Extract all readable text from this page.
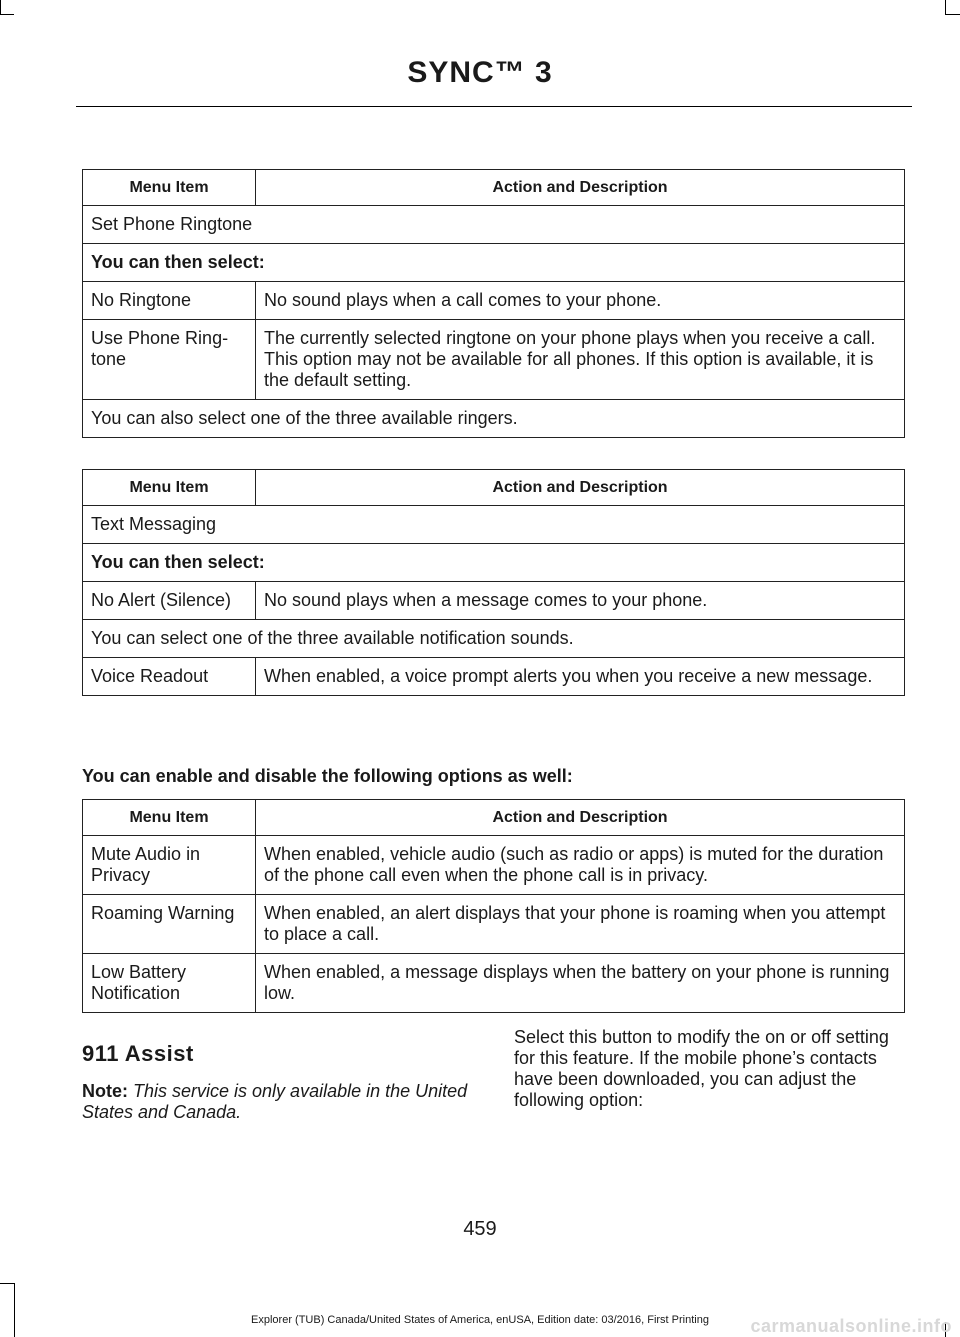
SYNC™ 3
Menu Item	Action and Description
Set Phone Ringtone	
You can then select:	
No Ringtone	No sound plays when a call comes to your phone.
Use Phone Ring-tone	The currently selected ringtone on your phone plays when you receive a call. This option may not be available for all phones. If this option is available, it is the default setting.
You can also select one of the three available ringers.	
Menu Item	Action and Description
Text Messaging	
You can then select:	
No Alert (Silence)	No sound plays when a message comes to your phone.
You can select one of the three available notification sounds.	
Voice Readout	When enabled, a voice prompt alerts you when you receive a new message.
You can enable and disable the following options as well:
Menu Item	Action and Description
Mute Audio in Privacy	When enabled, vehicle audio (such as radio or apps) is muted for the duration of the phone call even when the phone call is in privacy.
Roaming Warning	When enabled, an alert displays that your phone is roaming when you attempt to place a call.
Low Battery Notification	When enabled, a message displays when the battery on your phone is running low.
911 Assist
Note: This service is only available in the United States and Canada.
Select this button to modify the on or off setting for this feature. If the mobile phone’s contacts have been downloaded, you can adjust the following option:
459
Explorer (TUB) Canada/United States of America, enUSA, Edition date: 03/2016, First Printing	carmanualsonline.info
